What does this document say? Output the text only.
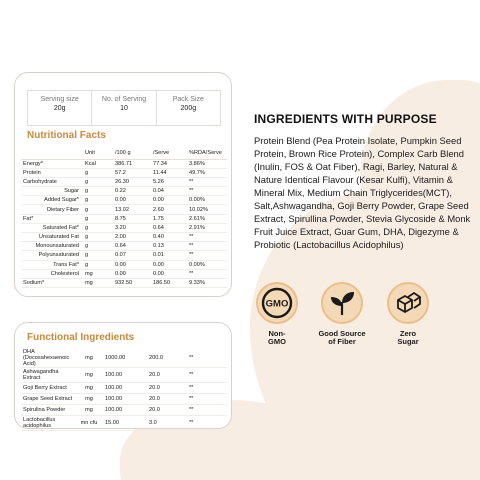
Serving size
20g
No. of Serving
10
Pack Size
200g
Nutritional Facts
	Unit	/100 g	/Serve	%RDA/Serve
Energy*	Kcal	386.71	77.34	3.86%
Protein	g	57.2	11.44	49.7%
Carbohydrate	g	26.30	5.26	**
Sugar	g	0.22	0.04	**
Added Sugar*	g	0.00	0.00	0.00%
Dietary Fiber	g	13.02	2.60	10.02%
Fat*	g	8.75	1.75	2.61%
Saturated Fat*	g	3.20	0.64	2.91%
Unsaturated Fat	g	2.00	0.40	**
Monounsaturated	g	0.64	0.13	**
Polyunsaturated	g	0.07	0.01	**
Trans Fat*	g	0.00	0.00	0.00%
Cholesterol	mg	0.00	0.00	**
Sodium*	mg	932.50	186.50	9.33%
Functional Ingredients
DHA (Docosahexaenoic Acid)	mg	1000.00	200.0	**
Ashwagandha Extract	mg	100.00	20.0	**
Goji Berry Extract	mg	100.00	20.0	**
Grape Seed Extract	mg	100.00	20.0	**
Spirulina Powder	mg	100.00	20.0	**
Lactobacillus acidophilus	mn cfu	15.00	3.0	**
INGREDIENTS WITH PURPOSE
Protein Blend (Pea Protein Isolate, Pumpkin Seed Protein, Brown Rice Protein), Complex Carb Blend (Inulin, FOS & Oat Fiber), Ragi, Barley, Natural & Nature Identical Flavour (Kesar Kulfi), Vitamin & Mineral Mix, Medium Chain Triglycerides(MCT), Salt,Ashwagandha, Goji Berry Powder, Grape Seed Extract, Spirullina Powder, Stevia Glycoside & Monk Fruit Juice Extract, Guar Gum, DHA, Digezyme & Probiotic (Lactobacillus Acidophilus)
GMO
Non-
GMO
Good Source
of Fiber
Zero
Sugar
